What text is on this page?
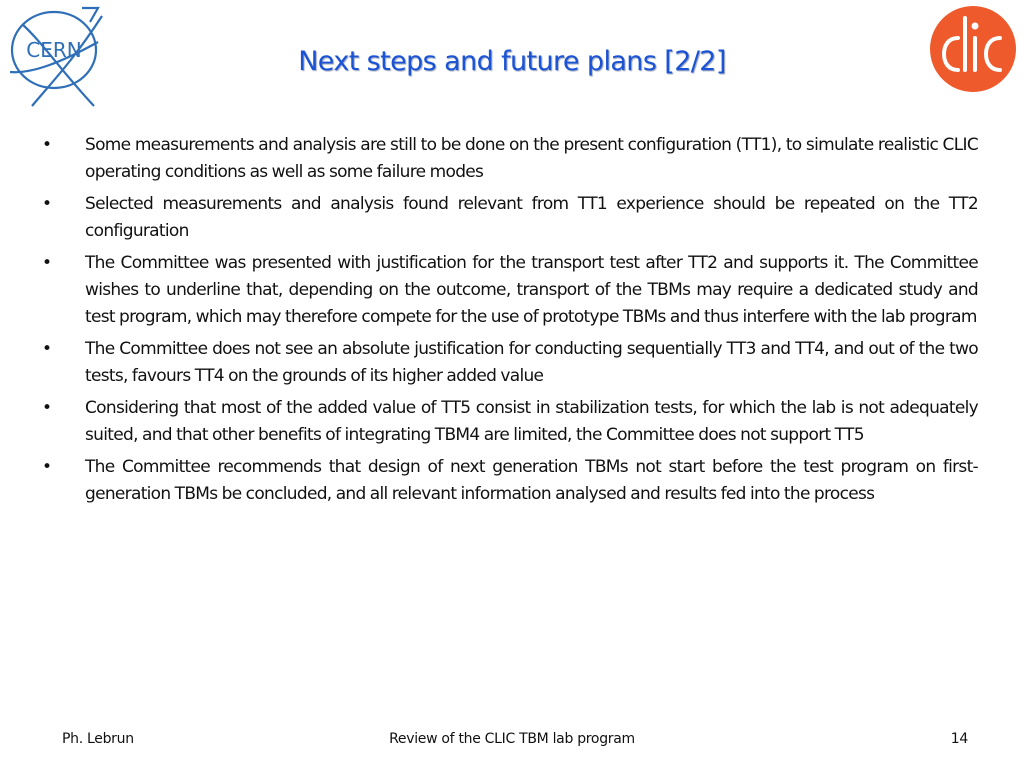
CERN	Next steps and future plans [2/2]
• Some measurements and analysis are still to be done on the present configuration (TT1), to simulate realistic CLIC operating conditions as well as some failure modes
• Selected measurements and analysis found relevant from TT1 experience should be repeated on the TT2 configuration
• The Committee was presented with justification for the transport test after TT2 and supports it. The Committee wishes to underline that, depending on the outcome, transport of the TBMs may require a dedicated study and test program, which may therefore compete for the use of prototype TBMs and thus interfere with the lab program
• The Committee does not see an absolute justification for conducting sequentially TT3 and TT4, and out of the two tests, favours TT4 on the grounds of its higher added value
• Considering that most of the added value of TT5 consist in stabilization tests, for which the lab is not adequately suited, and that other benefits of integrating TBM4 are limited, the Committee does not support TT5
• The Committee recommends that design of next generation TBMs not start before the test program on first-generation TBMs be concluded, and all relevant information analysed and results fed into the process
Ph. Lebrun	Review of the CLIC TBM lab program	14
